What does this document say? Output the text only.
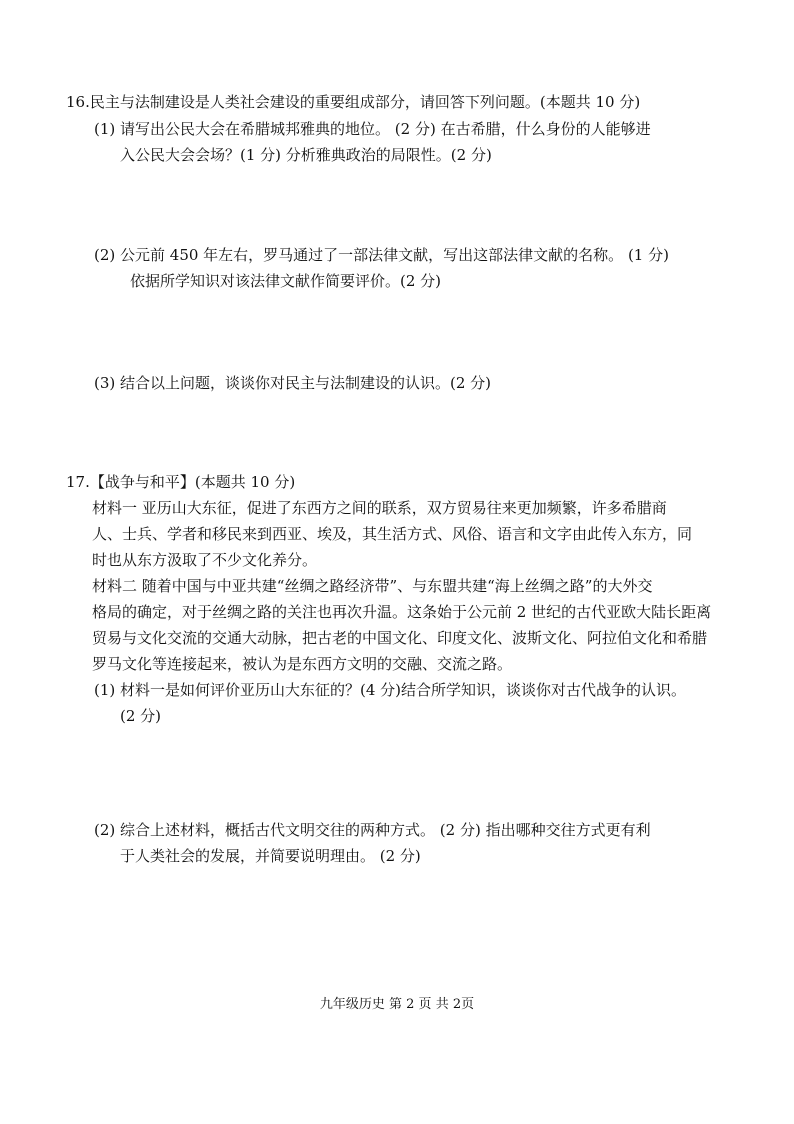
16.民主与法制建设是人类社会建设的重要组成部分，请回答下列问题。(本题共 10 分)
(1) 请写出公民大会在希腊城邦雅典的地位。 (2 分) 在古希腊，什么身份的人能够进
入公民大会会场？(1 分) 分析雅典政治的局限性。(2 分)
(2) 公元前 450 年左右，罗马通过了一部法律文献，写出这部法律文献的名称。 (1 分)
依据所学知识对该法律文献作简要评价。(2 分)
(3) 结合以上问题，谈谈你对民主与法制建设的认识。(2 分)
17.【战争与和平】(本题共 10 分)
材料一 亚历山大东征，促进了东西方之间的联系，双方贸易往来更加频繁，许多希腊商
人、士兵、学者和移民来到西亚、埃及，其生活方式、风俗、语言和文字由此传入东方，同
时也从东方汲取了不少文化养分。
材料二 随着中国与中亚共建“丝绸之路经济带”、与东盟共建“海上丝绸之路”的大外交
格局的确定，对于丝绸之路的关注也再次升温。这条始于公元前 2 世纪的古代亚欧大陆长距离
贸易与文化交流的交通大动脉，把古老的中国文化、印度文化、波斯文化、阿拉伯文化和希腊
罗马文化等连接起来，被认为是东西方文明的交融、交流之路。
(1) 材料一是如何评价亚历山大东征的？(4 分)结合所学知识，谈谈你对古代战争的认识。
(2 分)
(2) 综合上述材料，概括古代文明交往的两种方式。 (2 分) 指出哪种交往方式更有利
于人类社会的发展，并简要说明理由。 (2 分)
九年级历史 第 2 页 共 2页
